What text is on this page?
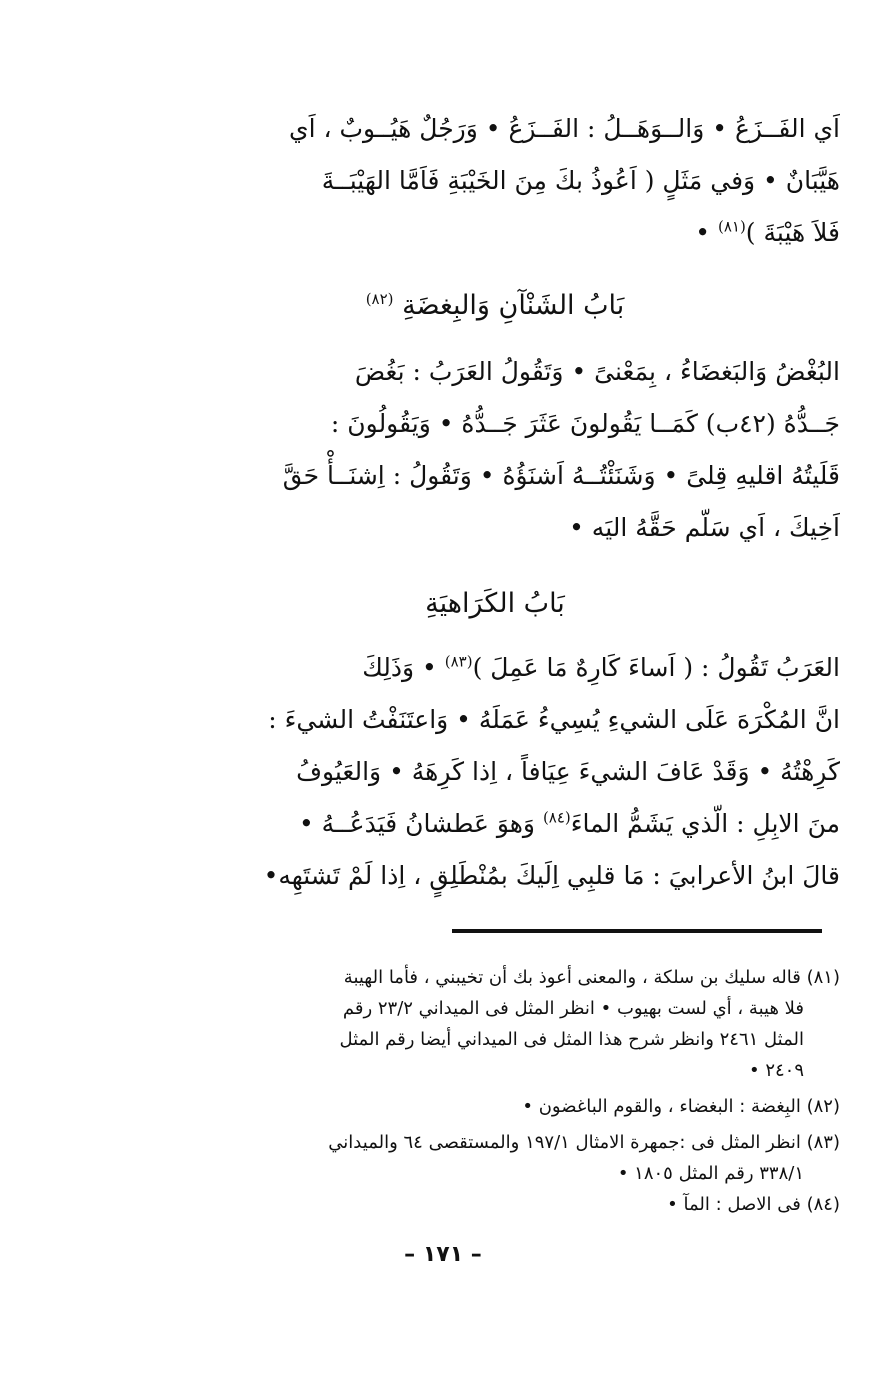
اَي الفَــزَعُ • وَالــوَهَــلُ : الفَــزَعُ • وَرَجُلٌ هَيُــوبٌ ، اَي
هَيَّبَانٌ • وَفي مَثَلٍ ( اَعُوذُ بكَ مِنَ الخَيْبَةِ فَاَمَّا الهَيْبَــةَ
فَلاَ هَيْبَةَ )$^{(٨١)}$ •
بَابُ الشَنْآنِ وَالبِغضَةِ $^{(٨٢)}$
البُغْضُ وَالبَغضَاءُ ، بِمَعْنىً • وَتَقُولُ العَرَبُ : بَغُضَ
جَــدُّهُ (٤٢ب) كَمَــا يَقُولونَ عَثَرَ جَــدُّهُ • وَيَقُولُونَ :
قَلَيتُهُ اقليهِ قِلىً • وَشَنَئْتُــهُ اَشنَؤُهُ • وَتَقُولُ : اِشنَــأْ حَقَّ
اَخِيكَ ، اَي سَلّم حَقَّهُ اليَه •
بَابُ الكَرَاهيَةِ
العَرَبُ تَقُولُ : ( اَساءَ كَارِهٌ مَا عَمِلَ )$^{(٨٣)}$ • وَذَلِكَ
انَّ المُكْرَهَ عَلَى الشيءِ يُسِيءُ عَمَلَهُ • وَاعتَنَفْتُ الشيءَ :
كَرِهْتُهُ • وَقَدْ عَافَ الشيءَ عِيَافاً ، اِذا كَرِهَهُ • وَالعَيُوفُ
منَ الابِلِ : الّذي يَشَمُّ الماءَ$^{(٨٤)}$ وَهوَ عَطشانُ فَيَدَعُــهُ •
قالَ ابنُ الأعرابيَ : مَا قلبِي اِلَيكَ بمُنْطَلِقٍ ، اِذا لَمْ تَشتَهِه•
(٨١) قاله سليك بن سلكة ، والمعنى أعوذ بك أن تخيبني ، فأما الهيبة
فلا هيبة ، أي لست بهيوب • انظر المثل فى الميداني ٢٣/٢ رقم
المثل ٢٤٦١ وانظر شرح هذا المثل فى الميداني أيضا رقم المثل
٢٤٠٩ •
(٨٢) البِغضة : البغضاء ، والقوم الباغضون •
(٨٣) انظر المثل فى :جمهرة الامثال ١٩٧/١ والمستقصى ٦٤ والميداني
٣٣٨/١ رقم المثل ١٨٠٥ •
(٨٤) فى الاصل : المآ •
– ١٧١ –
